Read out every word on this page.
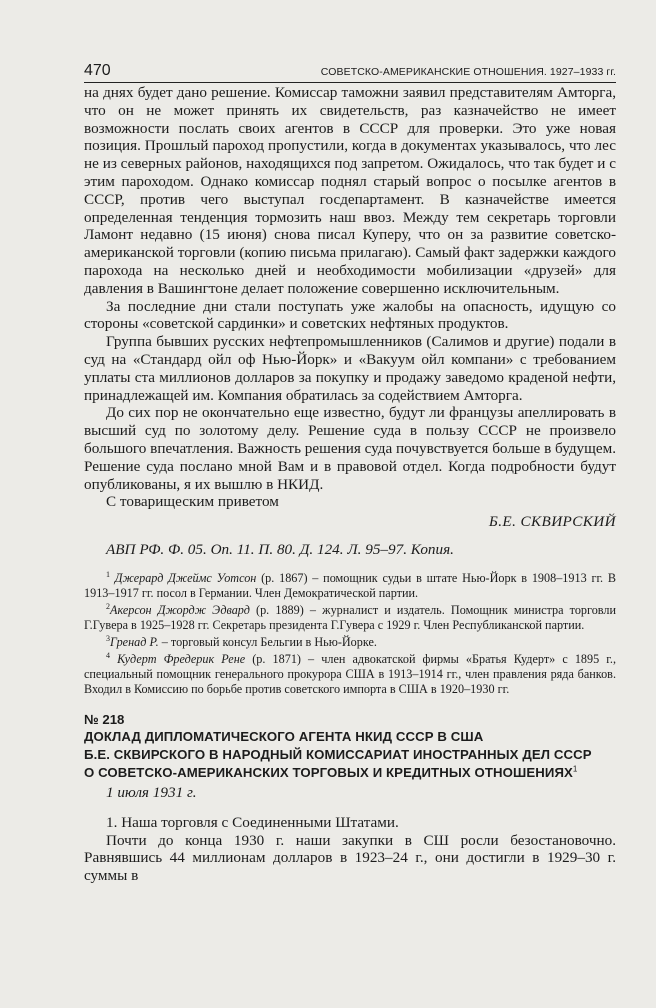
470	СОВЕТСКО-АМЕРИКАНСКИЕ ОТНОШЕНИЯ. 1927–1933 гг.

на днях будет дано решение. Комиссар таможни заявил представителям Амторга, что он не может принять их свидетельств, раз казначейство не имеет возможности послать своих агентов в СССР для проверки. Это уже новая позиция. Прошлый пароход пропустили, когда в документах указывалось, что лес не из северных районов, находящихся под запретом. Ожидалось, что так будет и с этим пароходом. Однако комиссар поднял старый вопрос о посылке агентов в СССР, против чего выступал госдепартамент. В казначействе имеется определенная тенденция тормозить наш ввоз. Между тем секретарь торговли Ламонт недавно (15 июня) снова писал Куперу, что он за развитие советско-американской торговли (копию письма прилагаю). Самый факт задержки каждого парохода на несколько дней и необходимости мобилизации «друзей» для давления в Вашингтоне делает положение совершенно исключительным.

За последние дни стали поступать уже жалобы на опасность, идущую со стороны «советской сардинки» и советских нефтяных продуктов.

Группа бывших русских нефтепромышленников (Салимов и другие) подали в суд на «Стандард ойл оф Нью-Йорк» и «Вакуум ойл компани» с требованием уплаты ста миллионов долларов за покупку и продажу заведомо краденой нефти, принадлежащей им. Компания обратилась за содействием Амторга.

До сих пор не окончательно еще известно, будут ли французы апеллировать в высший суд по золотому делу. Решение суда в пользу СССР не произвело большого впечатления. Важность решения суда почувствуется больше в будущем. Решение суда послано мной Вам и в правовой отдел. Когда подробности будут опубликованы, я их вышлю в НКИД.

С товарищеским приветом

Б.Е. СКВИРСКИЙ
АВП РФ. Ф. 05. Оп. 11. П. 80. Д. 124. Л. 95–97. Копия.
$^1$ Джерард Джеймс Уотсон (р. 1867) – помощник судьи в штате Нью-Йорк в 1908–1913 гг. В 1913–1917 гг. посол в Германии. Член Демократической партии.
$^2$Акерсон Джордж Эдвард (р. 1889) – журналист и издатель. Помощник министра торговли Г.Гувера в 1925–1928 гг. Секретарь президента Г.Гувера с 1929 г. Член Республиканской партии.
$^3$Гренад Р. – торговый консул Бельгии в Нью-Йорке.
$^4$ Кудерт Фредерик Рене (р. 1871) – член адвокатской фирмы «Братья Кудерт» с 1895 г., специальный помощник генерального прокурора США в 1913–1914 гг., член правления ряда банков. Входил в Комиссию по борьбе против советского импорта в США в 1920–1930 гг.
№ 218
ДОКЛАД ДИПЛОМАТИЧЕСКОГО АГЕНТА НКИД СССР В США
Б.Е. СКВИРСКОГО В НАРОДНЫЙ КОМИССАРИАТ ИНОСТРАННЫХ ДЕЛ СССР
О СОВЕТСКО-АМЕРИКАНСКИХ ТОРГОВЫХ И КРЕДИТНЫХ ОТНОШЕНИЯХ$^1$
1 июля 1931 г.

1. Наша торговля с Соединенными Штатами.

Почти до конца 1930 г. наши закупки в СШ росли безостановочно. Равнявшись 44 миллионам долларов в 1923–24 г., они достигли в 1929–30 г. суммы в
